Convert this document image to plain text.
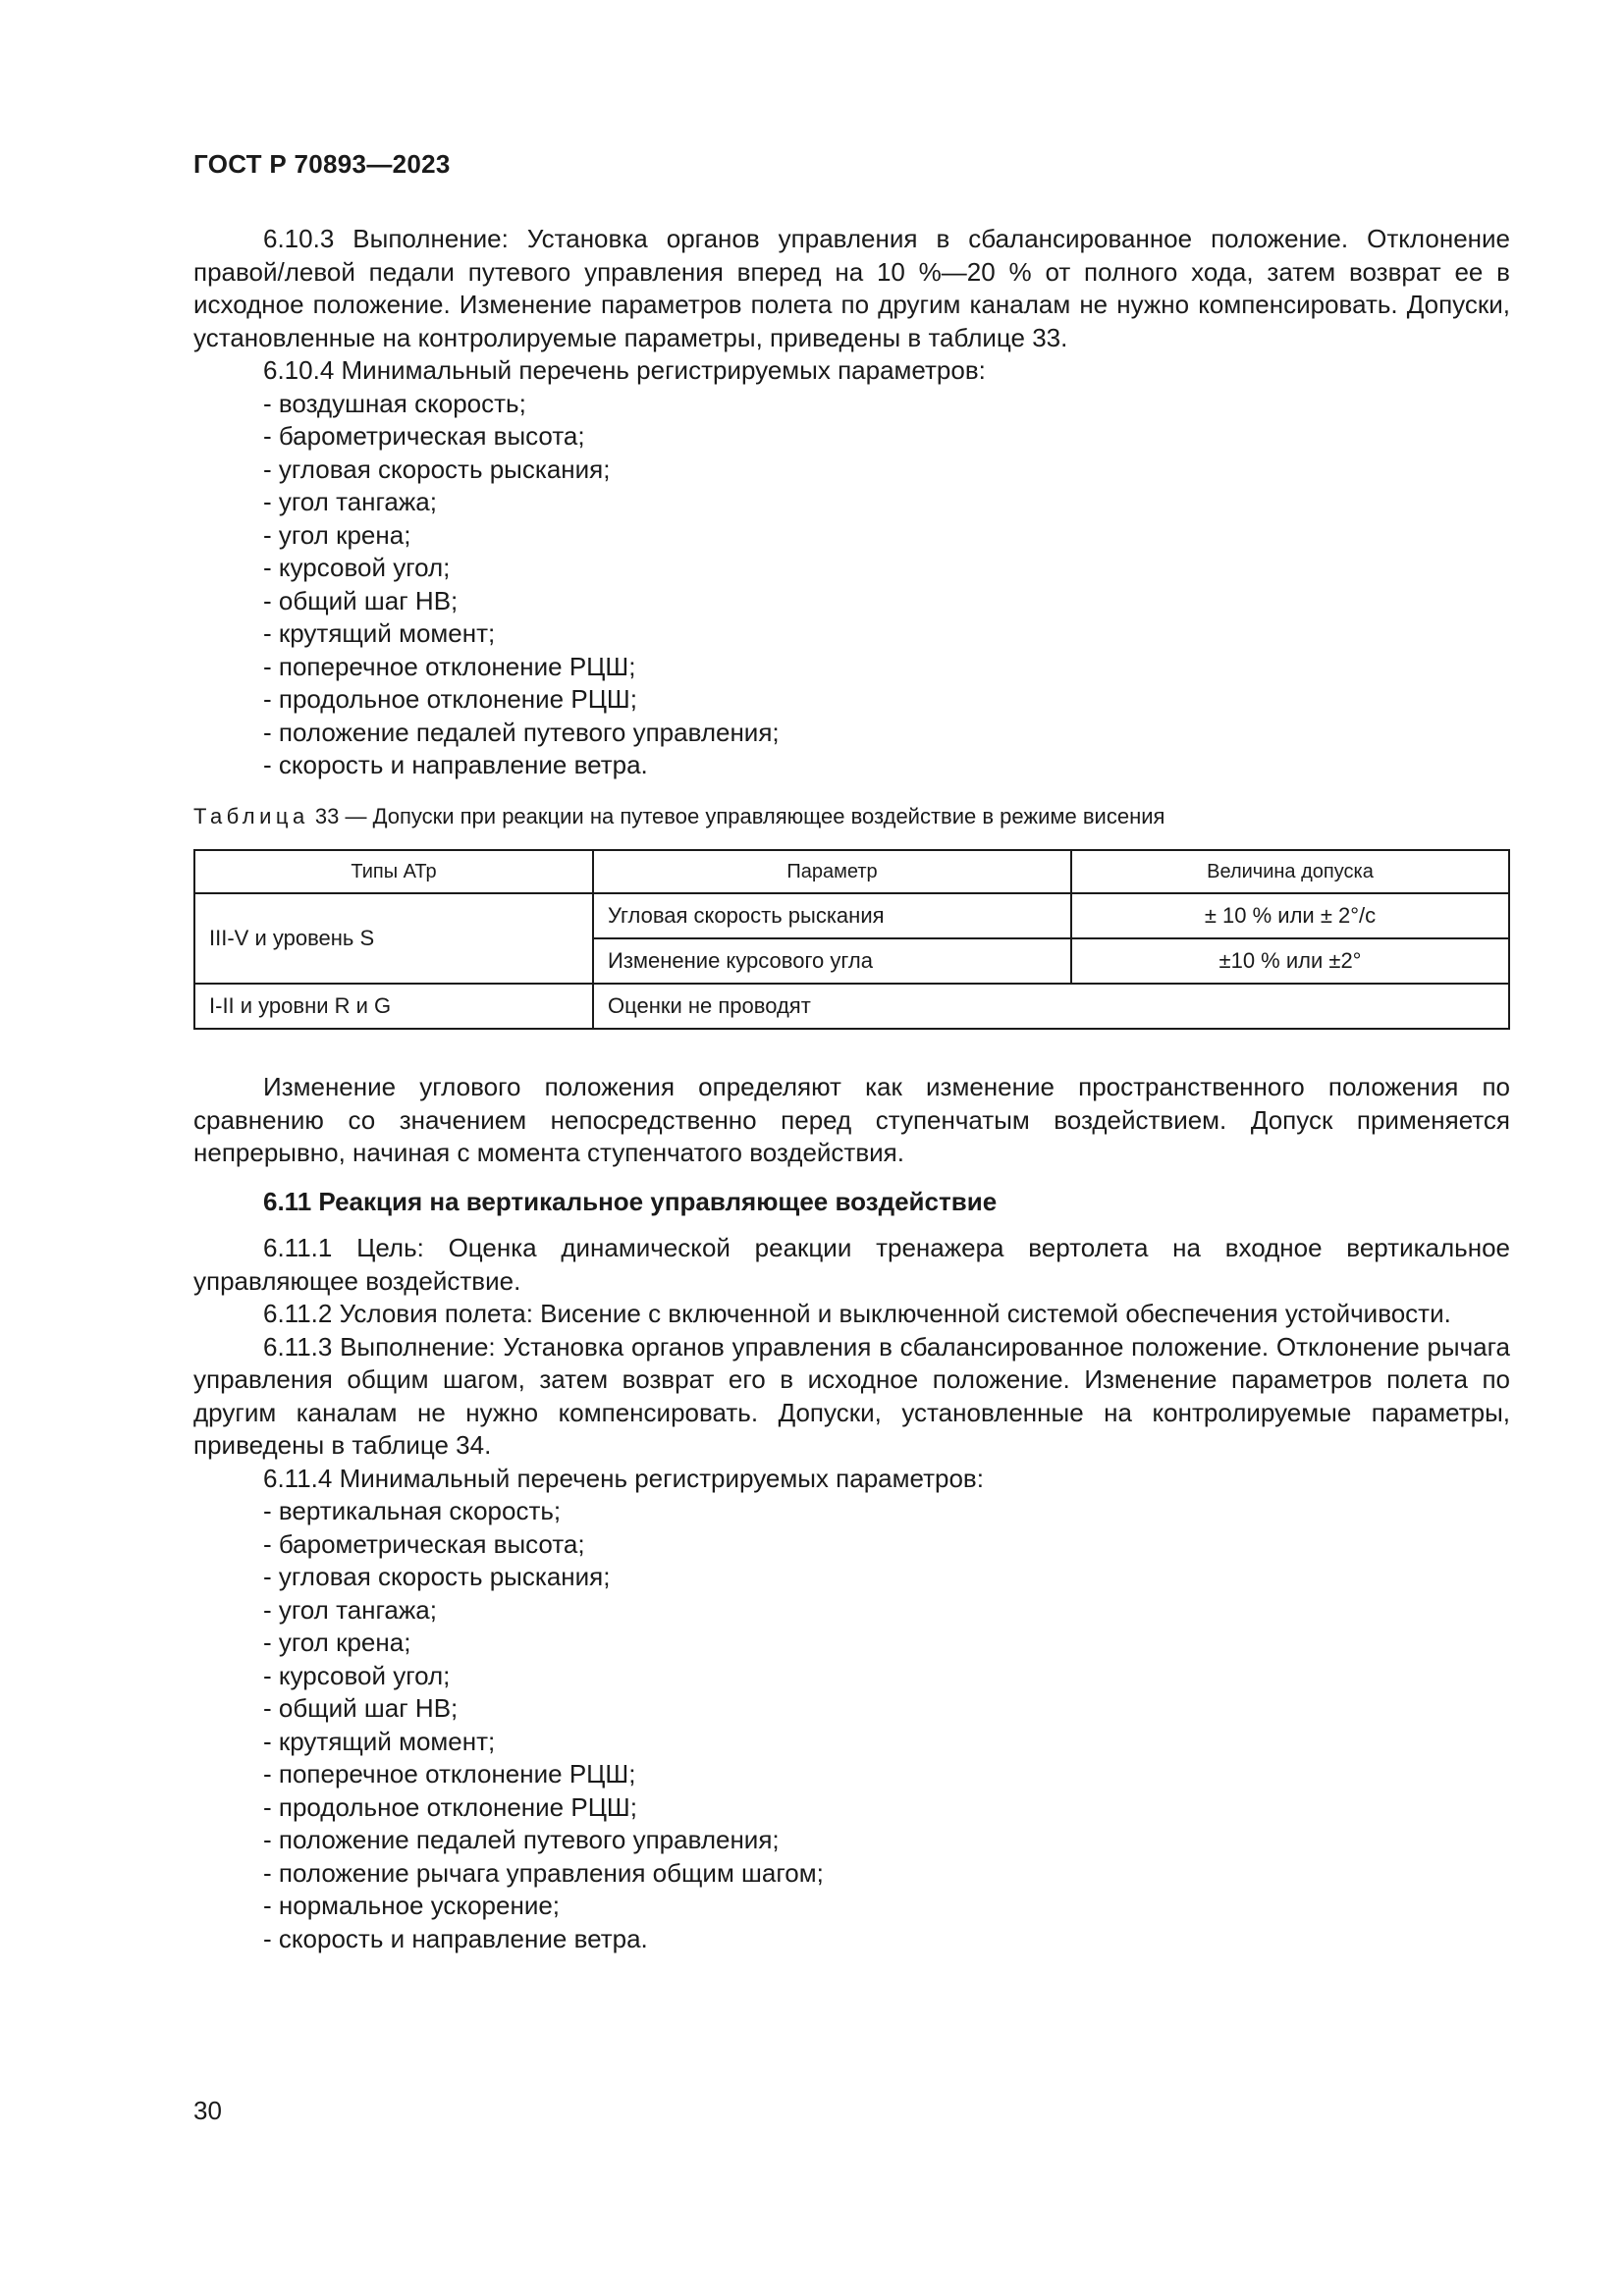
ГОСТ Р 70893—2023

6.10.3 Выполнение: Установка органов управления в сбалансированное положение. Отклонение правой/левой педали путевого управления вперед на 10 %—20 % от полного хода, затем возврат ее в исходное положение. Изменение параметров полета по другим каналам не нужно компенсировать. Допуски, установленные на контролируемые параметры, приведены в таблице 33.

6.10.4 Минимальный перечень регистрируемых параметров:

- воздушная скорость;

- барометрическая высота;

- угловая скорость рыскания;

- угол тангажа;

- угол крена;

- курсовой угол;

- общий шаг НВ;

- крутящий момент;

- поперечное отклонение РЦШ;

- продольное отклонение РЦШ;

- положение педалей путевого управления;

- скорость и направление ветра.

Таблица 33 — Допуски при реакции на путевое управляющее воздействие в режиме висения
Типы АТр	Параметр	Величина допуска
III-V и уровень S	Угловая скорость рыскания	± 10 % или ± 2°/с
	Изменение курсового угла	±10 % или ±2°
I-II и уровни R и G	Оценки не проводят	

Изменение углового положения определяют как изменение пространственного положения по сравнению со значением непосредственно перед ступенчатым воздействием. Допуск применяется непрерывно, начиная с момента ступенчатого воздействия.

6.11 Реакция на вертикальное управляющее воздействие

6.11.1 Цель: Оценка динамической реакции тренажера вертолета на входное вертикальное управляющее воздействие.

6.11.2 Условия полета: Висение с включенной и выключенной системой обеспечения устойчивости.

6.11.3 Выполнение: Установка органов управления в сбалансированное положение. Отклонение рычага управления общим шагом, затем возврат его в исходное положение. Изменение параметров полета по другим каналам не нужно компенсировать. Допуски, установленные на контролируемые параметры, приведены в таблице 34.

6.11.4 Минимальный перечень регистрируемых параметров:

- вертикальная скорость;

- барометрическая высота;

- угловая скорость рыскания;

- угол тангажа;

- угол крена;

- курсовой угол;

- общий шаг НВ;

- крутящий момент;

- поперечное отклонение РЦШ;

- продольное отклонение РЦШ;

- положение педалей путевого управления;

- положение рычага управления общим шагом;

- нормальное ускорение;

- скорость и направление ветра.

30
